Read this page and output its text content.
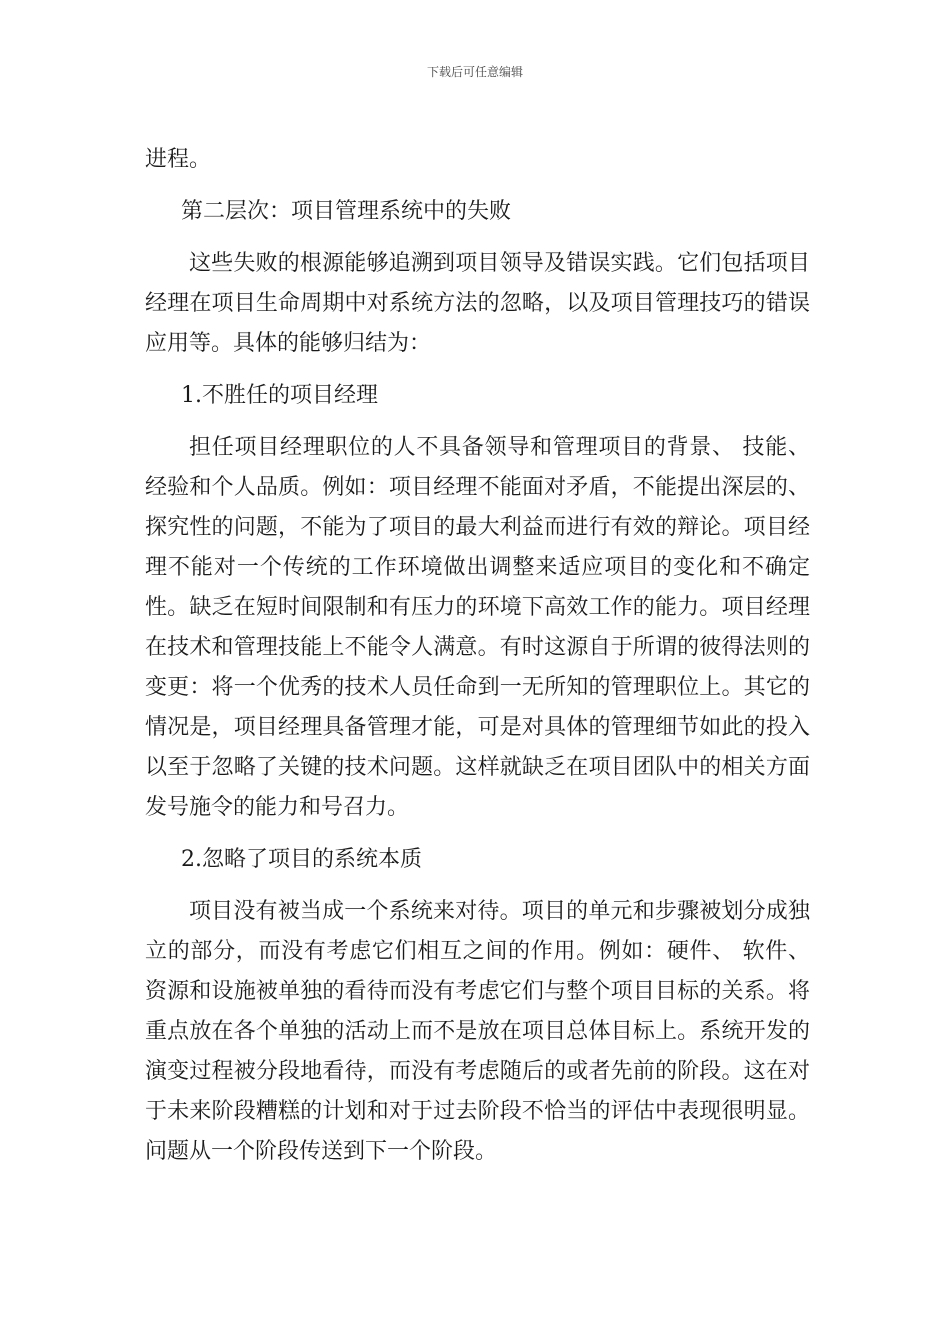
下载后可任意编辑

进程。

第二层次：项目管理系统中的失败

这些失败的根源能够追溯到项目领导及错误实践。它们包括项目经理在项目生命周期中对系统方法的忽略，以及项目管理技巧的错误应用等。具体的能够归结为：

1.不胜任的项目经理

担任项目经理职位的人不具备领导和管理项目的背景、 技能、 经验和个人品质。例如：项目经理不能面对矛盾，不能提出深层的、 探究性的问题，不能为了项目的最大利益而进行有效的辩论。项目经理不能对一个传统的工作环境做出调整来适应项目的变化和不确定性。缺乏在短时间限制和有压力的环境下高效工作的能力。项目经理在技术和管理技能上不能令人满意。有时这源自于所谓的彼得法则的变更：将一个优秀的技术人员任命到一无所知的管理职位上。其它的情况是，项目经理具备管理才能，可是对具体的管理细节如此的投入以至于忽略了关键的技术问题。这样就缺乏在项目团队中的相关方面发号施令的能力和号召力。

2.忽略了项目的系统本质

项目没有被当成一个系统来对待。项目的单元和步骤被划分成独立的部分，而没有考虑它们相互之间的作用。例如：硬件、 软件、 资源和设施被单独的看待而没有考虑它们与整个项目目标的关系。将重点放在各个单独的活动上而不是放在项目总体目标上。系统开发的演变过程被分段地看待，而没有考虑随后的或者先前的阶段。这在对于未来阶段糟糕的计划和对于过去阶段不恰当的评估中表现很明显。问题从一个阶段传送到下一个阶段。
